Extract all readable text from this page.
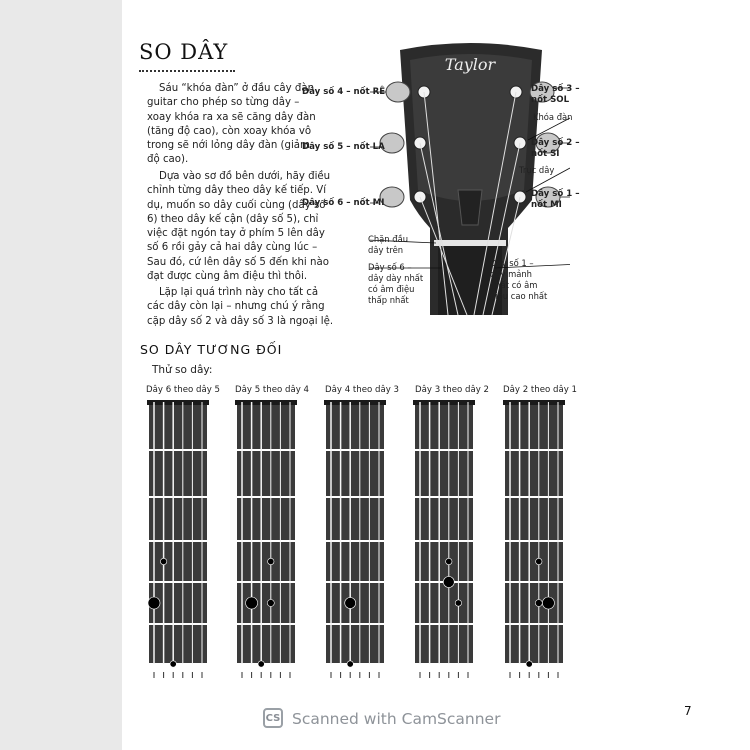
SO DÂY

Sáu “khóa đàn” ở đầu cây đàn guitar cho phép so từng dây – xoay khóa ra xa sẽ căng dây đàn (tăng độ cao), còn xoay khóa vô trong sẽ nới lỏng dây đàn (giảm độ cao).

Dựa vào sơ đồ bên dưới, hãy điều chỉnh từng dây theo dây kế tiếp. Ví dụ, muốn so dây cuối cùng (dây số 6) theo dây kế cận (dây số 5), chỉ việc đặt ngón tay ở phím 5 lên dây số 6 rồi gảy cả hai dây cùng lúc – Sau đó, cứ lên dây số 5 đến khi nào đạt được cùng âm điệu thì thôi.

Lặp lại quá trình này cho tất cả các dây còn lại – nhưng chú ý rằng cặp dây số 2 và dây số 3 là ngoại lệ.

Taylor
Dây số 4 – nốt RÊ
Dây số 5 – nốt LA
Dây số 6 – nốt MI
Dây số 3 –
nốt SOL
Khóa đàn
Dây số 2 –
nốt SI
Trục dây
Dây số 1 –
nốt MI
Chặn đầu
dây trên
Dây số 6 –
dây dày nhất
có âm điệu
thấp nhất
Dây số 1 –
dây mảnh
nhất có âm
điệu cao nhất
SO DÂY TƯƠNG ĐỐI
Thử so dây:
Dây 6 theo dây 5 Dây 5 theo dây 4 Dây 4 theo dây 3 Dây 3 theo dây 2 Dây 2 theo dây 1
CS Scanned with CamScanner	7
